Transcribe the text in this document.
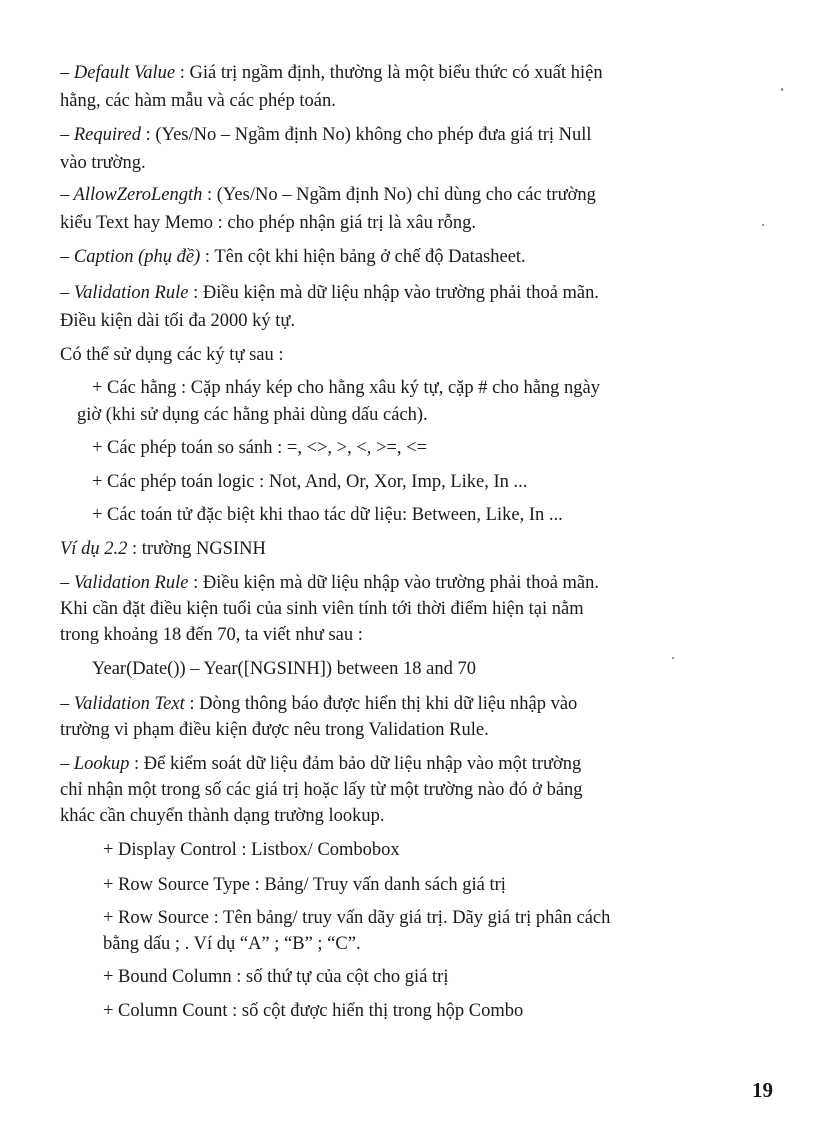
– Default Value : Giá trị ngầm định, thường là một biểu thức có xuất hiện
hằng, các hàm mẫu và các phép toán.
– Required : (Yes/No – Ngầm định No) không cho phép đưa giá trị Null
vào trường.
– AllowZeroLength : (Yes/No – Ngầm định No) chỉ dùng cho các trường
kiểu Text hay Memo : cho phép nhận giá trị là xâu rỗng.
– Caption (phụ đề) : Tên cột khi hiện bảng ở chế độ Datasheet.
– Validation Rule : Điều kiện mà dữ liệu nhập vào trường phải thoả mãn.
Điều kiện dài tối đa 2000 ký tự.
Có thể sử dụng các ký tự sau :
+ Các hằng : Cặp nháy kép cho hằng xâu ký tự, cặp # cho hằng ngày
giờ (khi sử dụng các hằng phải dùng dấu cách).
+ Các phép toán so sánh : =, <>, >, <, >=, <=
+ Các phép toán logic : Not, And, Or, Xor, Imp, Like, In ...
+ Các toán tử đặc biệt khi thao tác dữ liệu: Between, Like, In ...
Ví dụ 2.2 : trường NGSINH
– Validation Rule : Điều kiện mà dữ liệu nhập vào trường phải thoả mãn.
Khi cần đặt điều kiện tuổi của sinh viên tính tới thời điểm hiện tại nằm
trong khoảng 18 đến 70, ta viết như sau :
Year(Date()) – Year([NGSINH]) between 18 and 70
– Validation Text : Dòng thông báo được hiển thị khi dữ liệu nhập vào
trường vi phạm điều kiện được nêu trong Validation Rule.
– Lookup : Để kiểm soát dữ liệu đảm bảo dữ liệu nhập vào một trường
chỉ nhận một trong số các giá trị hoặc lấy từ một trường nào đó ở bảng
khác cần chuyển thành dạng trường lookup.
+ Display Control : Listbox/ Combobox
+ Row Source Type : Bảng/ Truy vấn danh sách giá trị
+ Row Source : Tên bảng/ truy vấn dãy giá trị. Dãy giá trị phân cách
bằng dấu ; . Ví dụ “A” ; “B” ; “C”.
+ Bound Column : số thứ tự của cột cho giá trị
+ Column Count : số cột được hiển thị trong hộp Combo
19
